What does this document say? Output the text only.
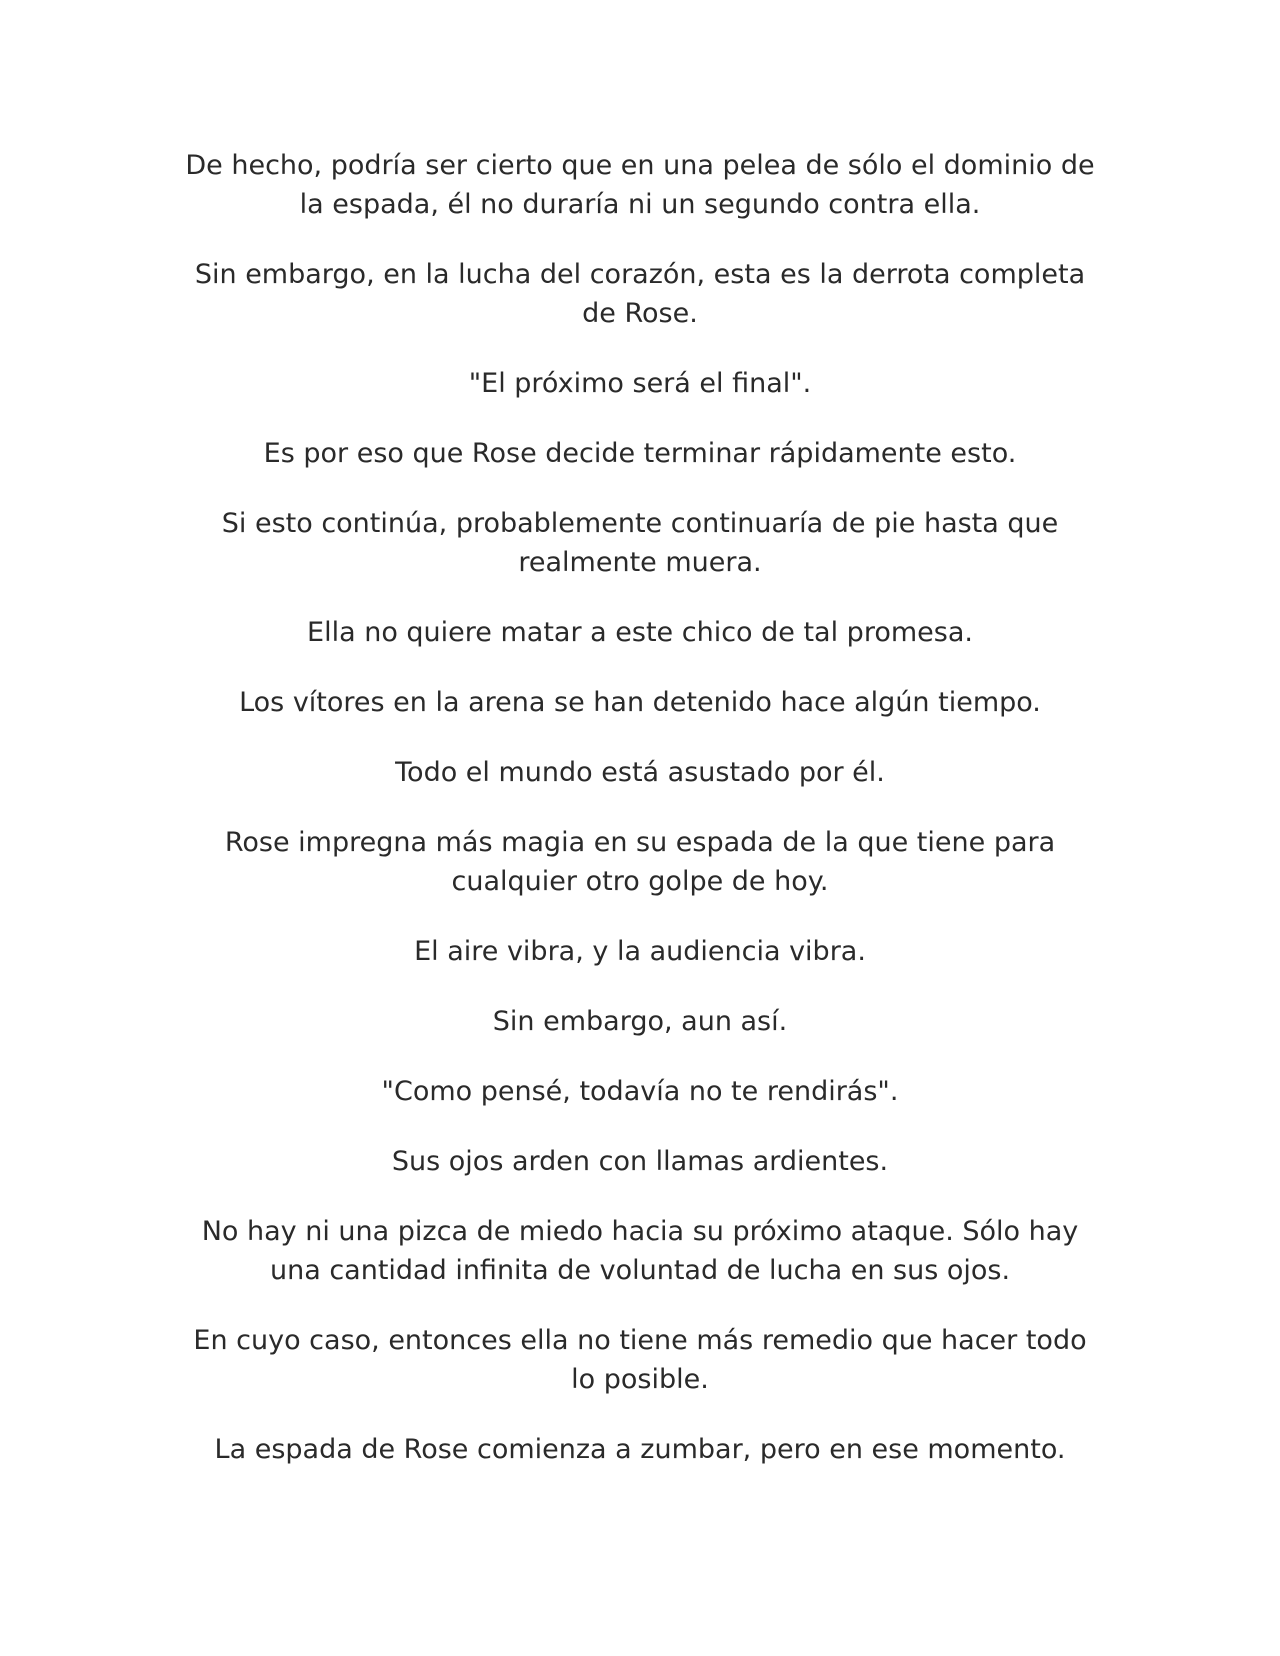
De hecho, podría ser cierto que en una pelea de sólo el dominio de la espada, él no duraría ni un segundo contra ella.

Sin embargo, en la lucha del corazón, esta es la derrota completa de Rose.

"El próximo será el final".

Es por eso que Rose decide terminar rápidamente esto.

Si esto continúa, probablemente continuaría de pie hasta que realmente muera.

Ella no quiere matar a este chico de tal promesa.

Los vítores en la arena se han detenido hace algún tiempo.

Todo el mundo está asustado por él.

Rose impregna más magia en su espada de la que tiene para cualquier otro golpe de hoy.

El aire vibra, y la audiencia vibra.

Sin embargo, aun así.

"Como pensé, todavía no te rendirás".

Sus ojos arden con llamas ardientes.

No hay ni una pizca de miedo hacia su próximo ataque. Sólo hay una cantidad infinita de voluntad de lucha en sus ojos.

En cuyo caso, entonces ella no tiene más remedio que hacer todo lo posible.

La espada de Rose comienza a zumbar, pero en ese momento.
